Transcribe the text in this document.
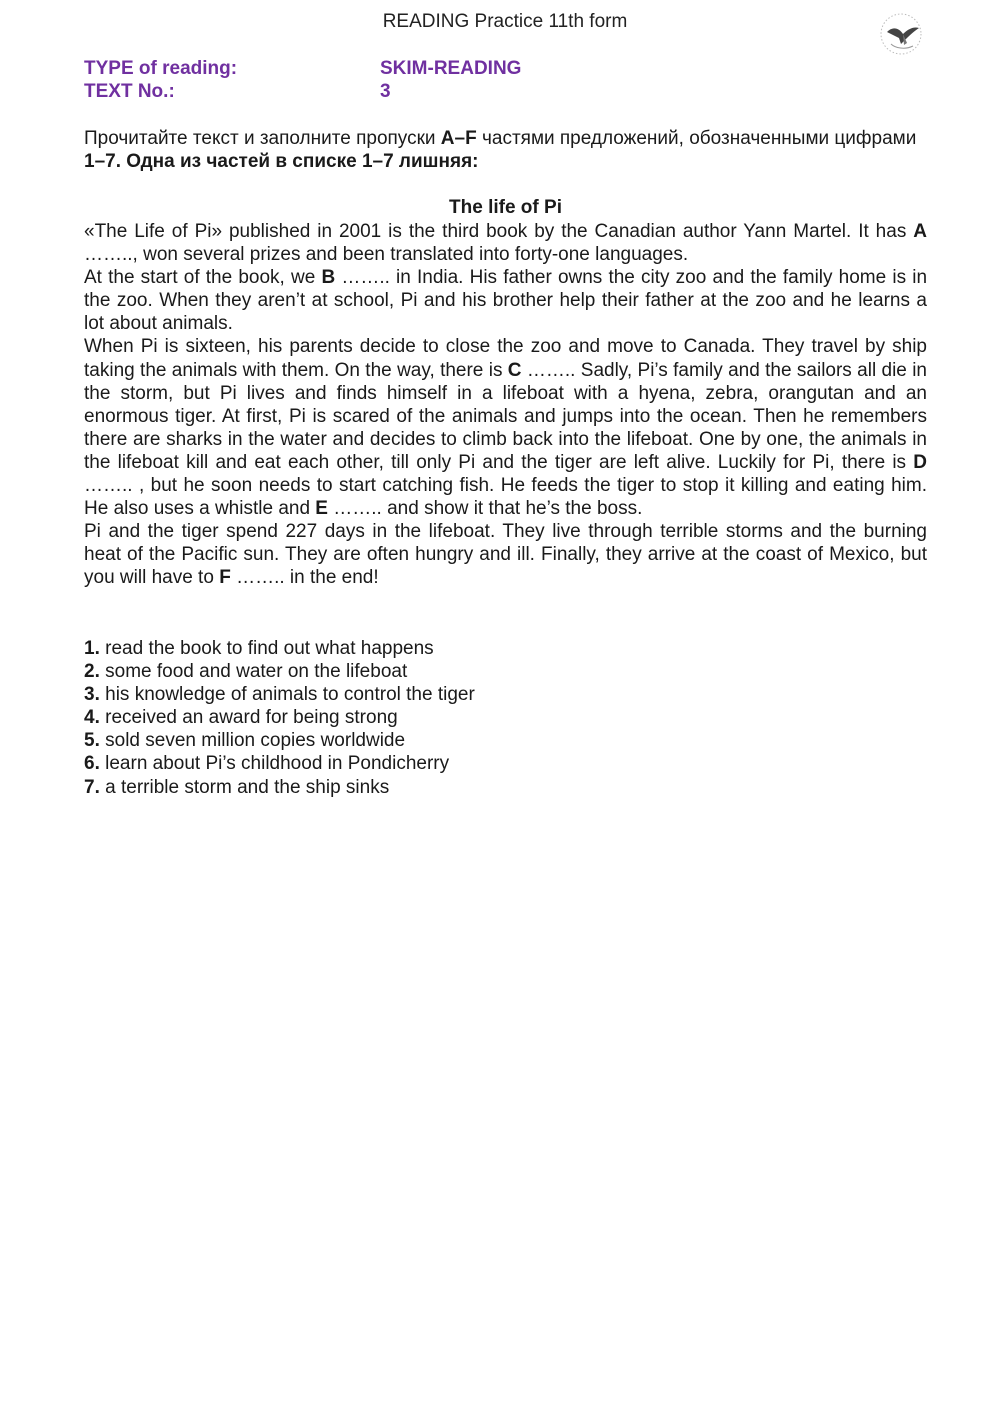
READING Practice 11th form
TYPE of reading:	SKIM-READING
TEXT No.:	3
Прочитайте текст и заполните пропуски A–F частями предложений, обозначенными цифрами 1–7. Одна из частей в списке 1–7 лишняя:
The life of Pi

«The Life of Pi» published in 2001 is the third book by the Canadian author Yann Martel. It has A …….., won several prizes and been translated into forty-one languages.

At the start of the book, we B …….. in India. His father owns the city zoo and the family home is in the zoo. When they aren’t at school, Pi and his brother help their father at the zoo and he learns a lot about animals.

When Pi is sixteen, his parents decide to close the zoo and move to Canada. They travel by ship taking the animals with them. On the way, there is C …….. Sadly, Pi’s family and the sailors all die in the storm, but Pi lives and finds himself in a lifeboat with a hyena, zebra, orangutan and an enormous tiger. At first, Pi is scared of the animals and jumps into the ocean. Then he remembers there are sharks in the water and decides to climb back into the lifeboat. One by one, the animals in the lifeboat kill and eat each other, till only Pi and the tiger are left alive. Luckily for Pi, there is D …….. , but he soon needs to start catching fish. He feeds the tiger to stop it killing and eating him. He also uses a whistle and E …….. and show it that he’s the boss.

Pi and the tiger spend 227 days in the lifeboat. They live through terrible storms and the burning heat of the Pacific sun. They are often hungry and ill. Finally, they arrive at the coast of Mexico, but you will have to F …….. in the end!

1. read the book to find out what happens
2. some food and water on the lifeboat
3. his knowledge of animals to control the tiger
4. received an award for being strong
5. sold seven million copies worldwide
6. learn about Pi’s childhood in Pondicherry
7. a terrible storm and the ship sinks
